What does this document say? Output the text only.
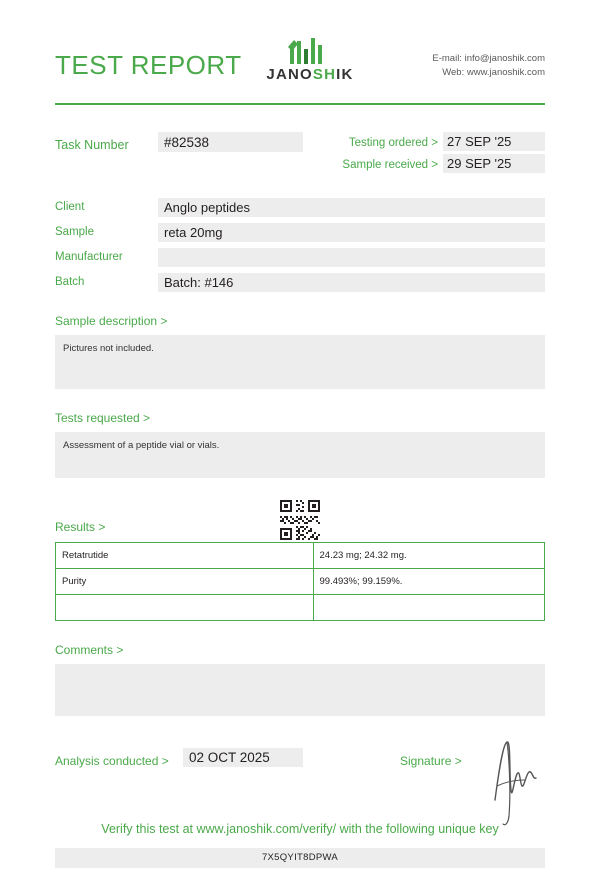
TEST REPORT	JANOSHIK
E-mail: info@janoshik.com
Web: www.janoshik.com
Task Number	#82538	Testing ordered > 27 SEP '25
Sample received > 29 SEP '25
Client	Anglo peptides
Sample	reta 20mg
Manufacturer
Batch	Batch: #146
Sample description >
Pictures not included.
Tests requested >
Assessment of a peptide vial or vials.
Results >
Retatrutide	24.23 mg; 24.32 mg.
Purity	99.493%; 99.159%.

Comments >
Analysis conducted >	02 OCT 2025	Signature >
Verify this test at www.janoshik.com/verify/ with the following unique key
7X5QYIT8DPWA
